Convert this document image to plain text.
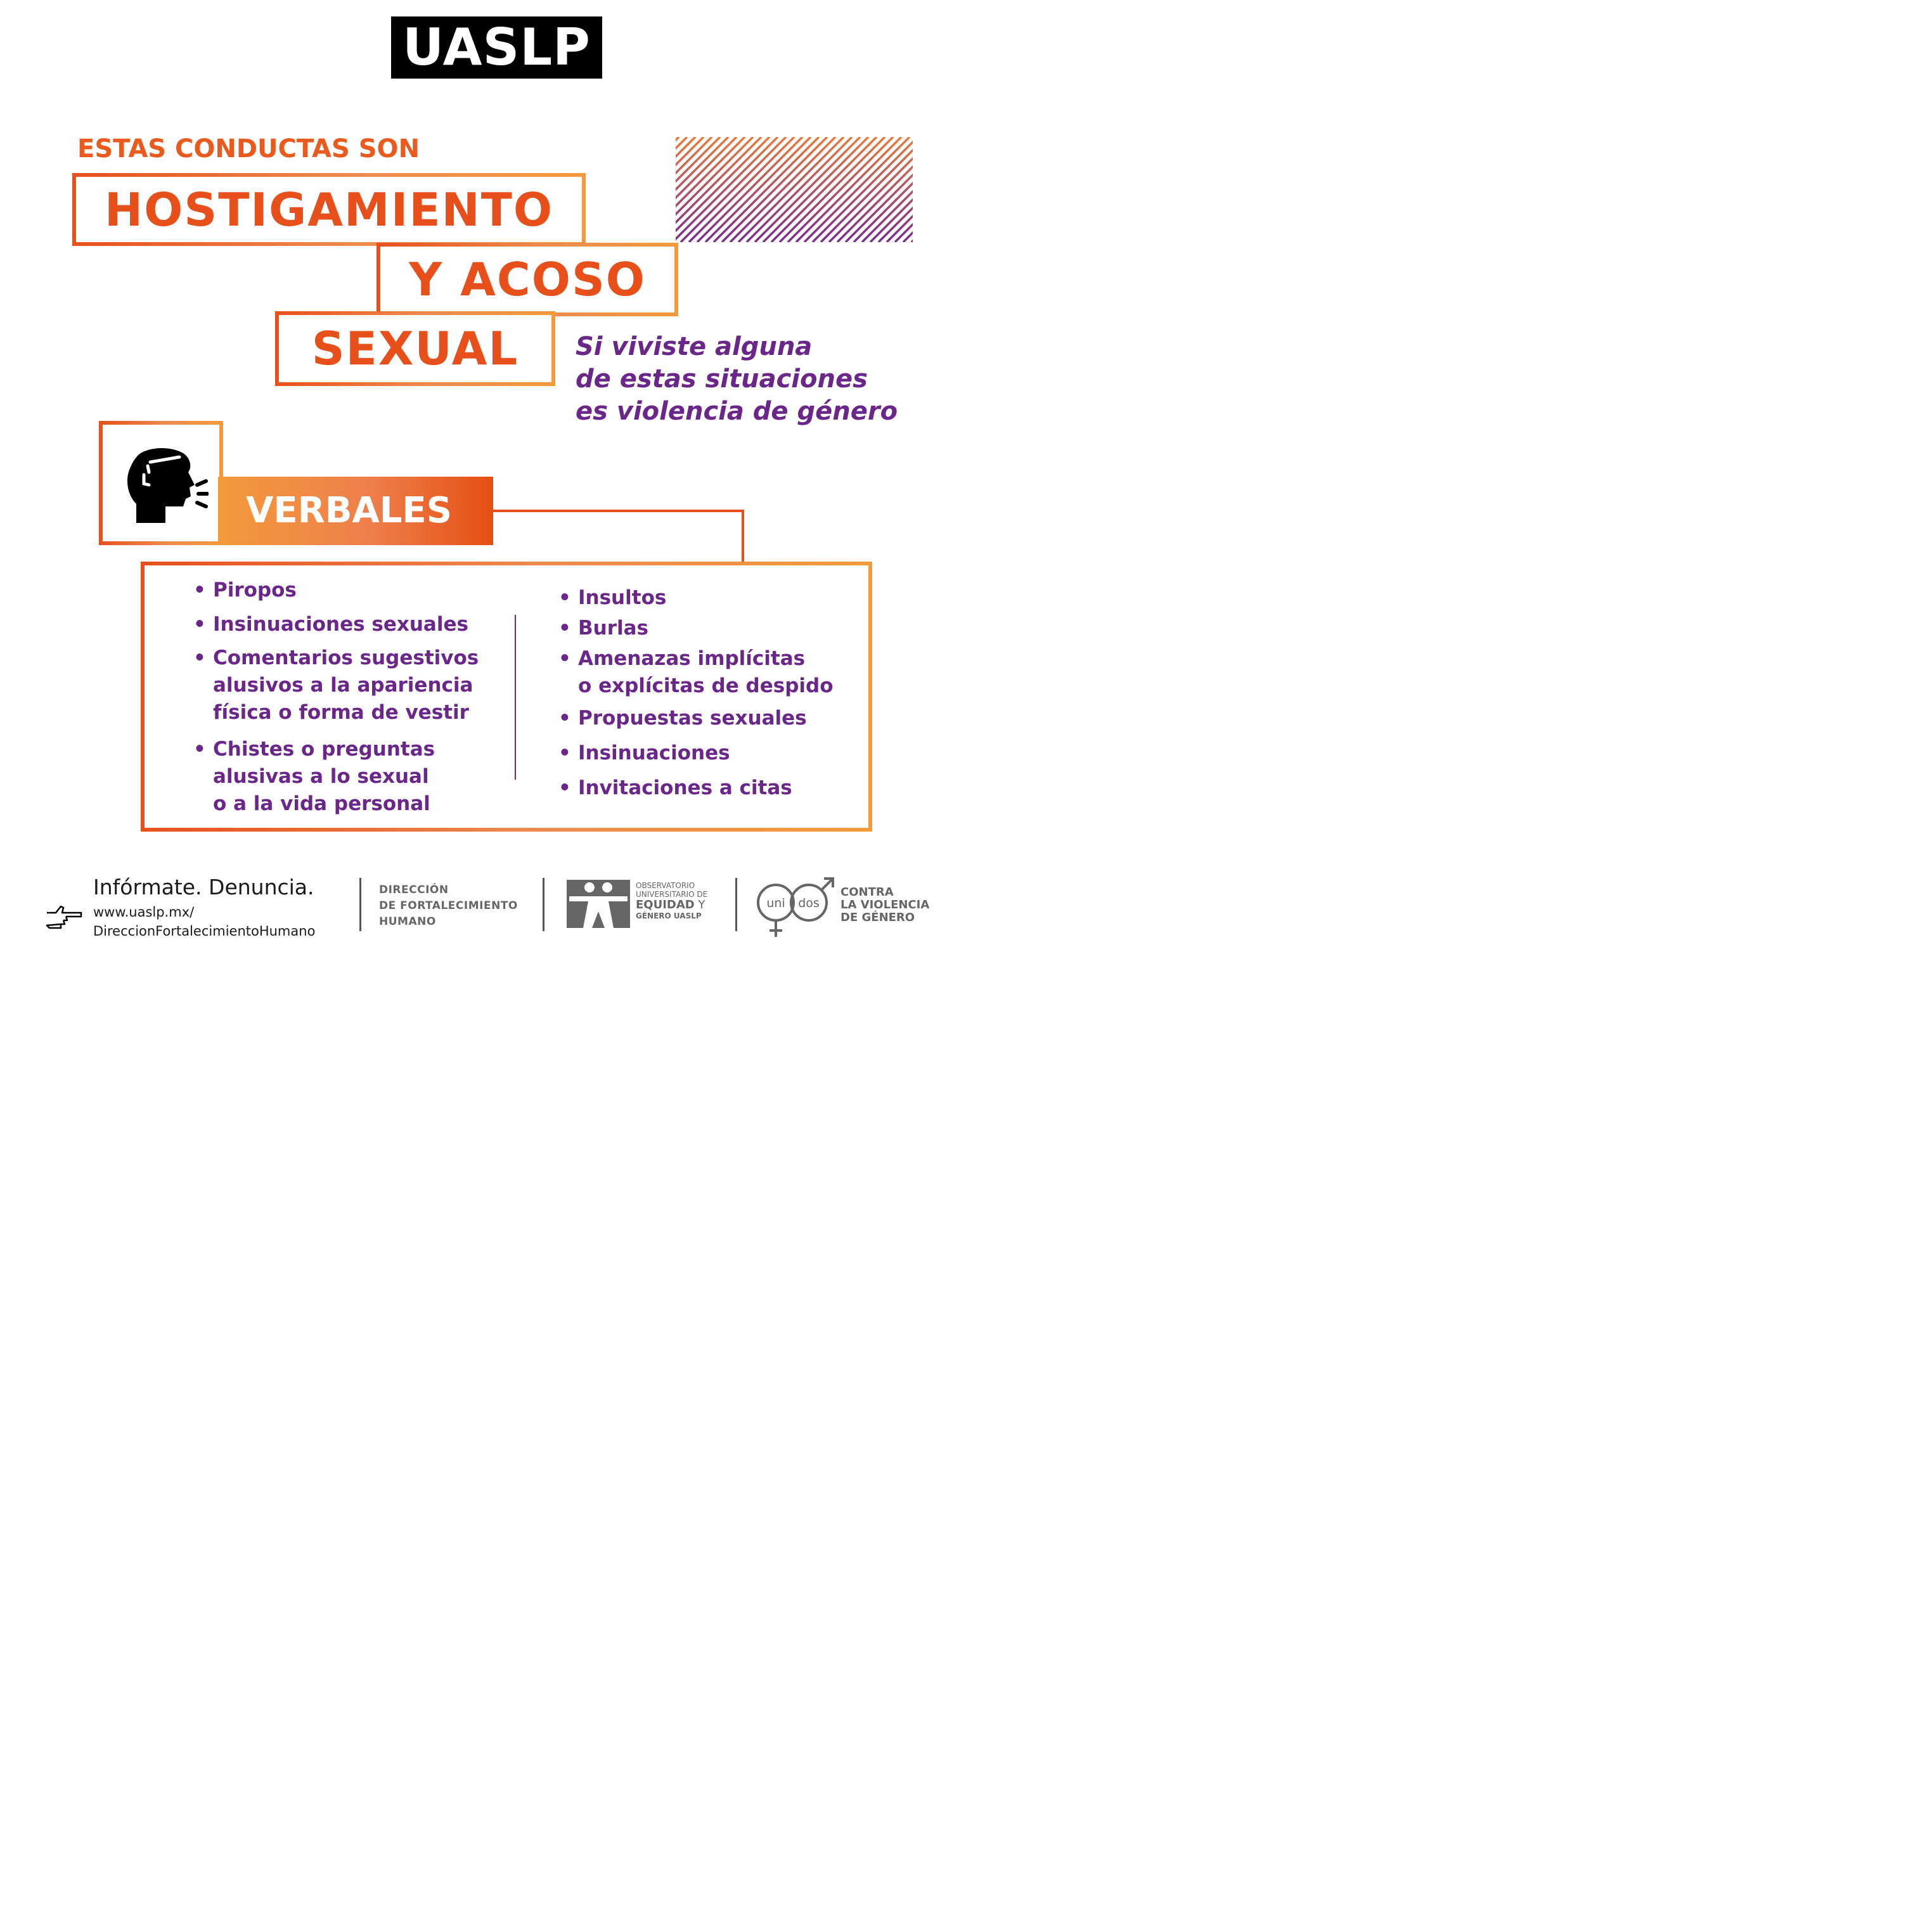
UASLP
ESTAS CONDUCTAS SON
HOSTIGAMIENTO
Y ACOSO
SEXUAL Si viviste alguna
de estas situaciones
es violencia de género
VERBALES
• Piropos
• Insinuaciones sexuales
• Comentarios sugestivos
alusivos a la apariencia
física o forma de vestir
• Chistes o preguntas
alusivas a lo sexual
o a la vida personal
• Insultos
• Burlas
• Amenazas implícitas
o explícitas de despido
• Propuestas sexuales
• Insinuaciones
• Invitaciones a citas
Infórmate. Denuncia.
www.uaslp.mx/
DireccionFortalecimientoHumano
DIRECCIÓN
DE FORTALECIMIENTO
HUMANO
OBSERVATORIO
UNIVERSITARIO DE
EQUIDAD Y
GÉNERO UASLP
uni dos
CONTRA
LA VIOLENCIA
DE GÉNERO
